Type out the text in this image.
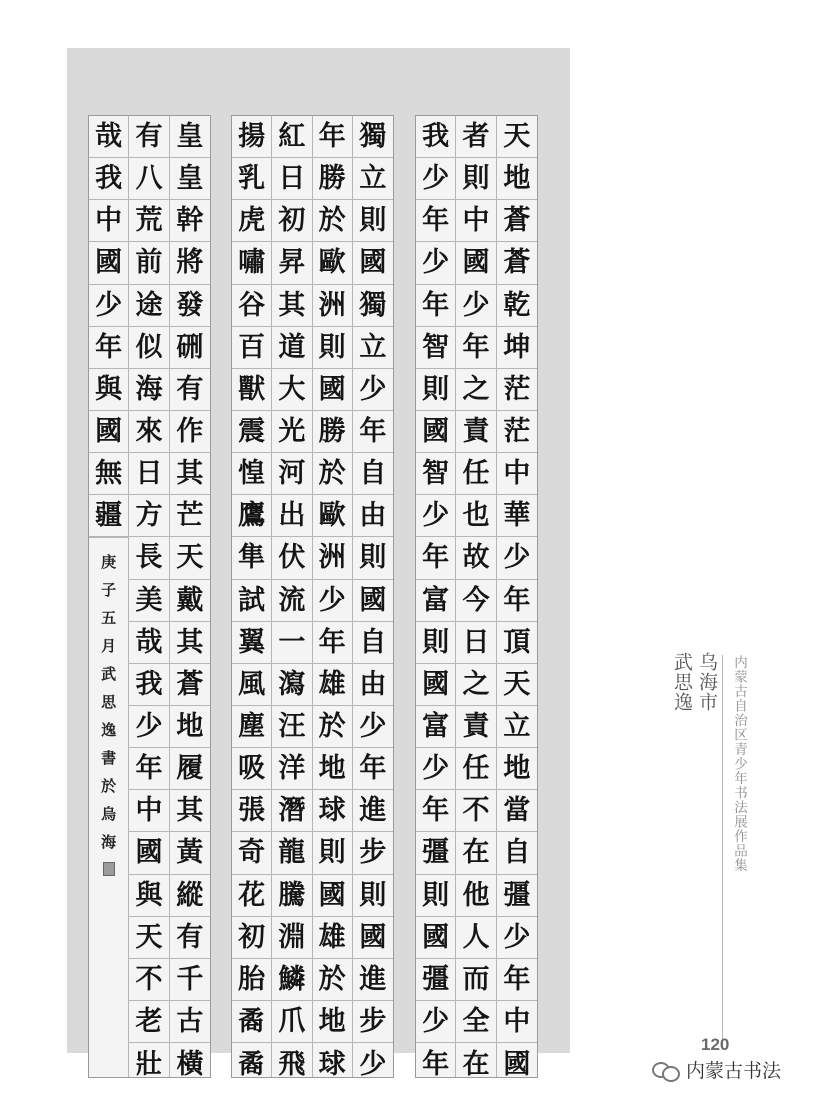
天
地
蒼
蒼
乾
坤
茫
茫
中
華
少
年
頂
天
立
地
當
自
彊
少
年
中
國
者
則
中
國
少
年
之
責
任
也
故
今
日
之
責
任
不
在
他
人
而
全
在
我
少
年
少
年
智
則
國
智
少
年
富
則
國
富
少
年
彊
則
國
彊
少
年
獨
立
則
國
獨
立
少
年
自
由
則
國
自
由
少
年
進
步
則
國
進
步
少
年
勝
於
歐
洲
則
國
勝
於
歐
洲
少
年
雄
於
地
球
則
國
雄
於
地
球
紅
日
初
昇
其
道
大
光
河
出
伏
流
一
瀉
汪
洋
潛
龍
騰
淵
鱗
爪
飛
揚
乳
虎
嘯
谷
百
獸
震
惶
鷹
隼
試
翼
風
塵
吸
張
奇
花
初
胎
矞
矞
皇
皇
幹
將
發
硎
有
作
其
芒
天
戴
其
蒼
地
履
其
黃
縱
有
千
古
橫
有
八
荒
前
途
似
海
來
日
方
長
美
哉
我
少
年
中
國
與
天
不
老
壯
哉
我
中
國
少
年
與
國
無
疆
庚
子
五
月
武
思
逸
書
於
烏
海	内蒙古自治区青少年书法展作品集
乌海市
武思逸
120
内蒙古书法
